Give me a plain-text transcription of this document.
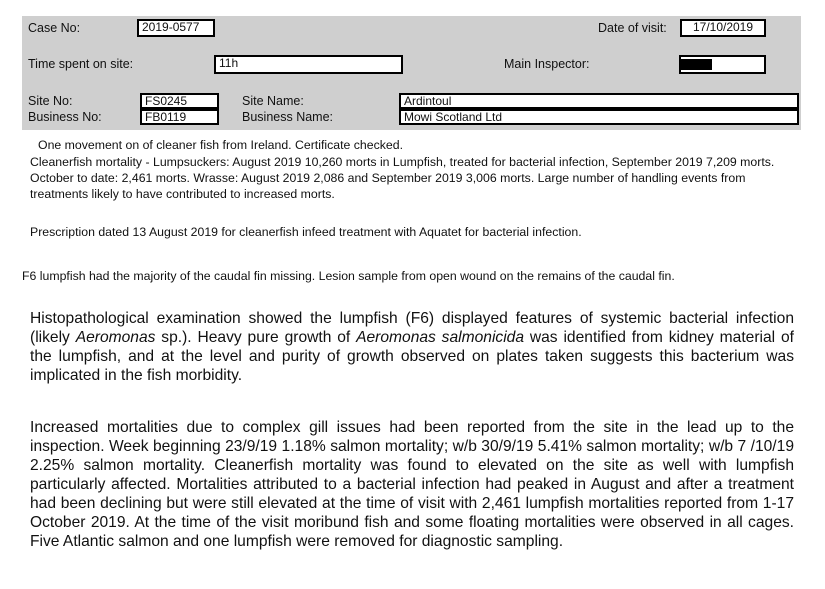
Case No:	2019-0577	Date of visit:	17/10/2019
Time spent on site:	11h	Main Inspector:
Site No:	FS0245
Business No:	FB0119
Site Name:	Ardintoul
Business Name:	Mowi Scotland Ltd
One movement on of cleaner fish from Ireland. Certificate checked.
Cleanerfish mortality - Lumpsuckers: August 2019 10,260 morts in Lumpfish, treated for bacterial infection, September 2019 7,209 morts. October to date: 2,461 morts. Wrasse: August 2019 2,086 and September 2019 3,006 morts. Large number of handling events from treatments likely to have contributed to increased morts.
Prescription dated 13 August 2019 for cleanerfish infeed treatment with Aquatet for bacterial infection.
F6 lumpfish had the majority of the caudal fin missing. Lesion sample from open wound on the remains of the caudal fin.
Histopathological examination showed the lumpfish (F6) displayed features of systemic bacterial infection (likely Aeromonas sp.). Heavy pure growth of Aeromonas salmonicida was identified from kidney material of the lumpfish, and at the level and purity of growth observed on plates taken suggests this bacterium was implicated in the fish morbidity.
Increased mortalities due to complex gill issues had been reported from the site in the lead up to the inspection. Week beginning 23/9/19 1.18% salmon mortality; w/b 30/9/19 5.41% salmon mortality; w/b 7 /10/19 2.25% salmon mortality. Cleanerfish mortality was found to elevated on the site as well with lumpfish particularly affected. Mortalities attributed to a bacterial infection had peaked in August and after a treatment had been declining but were still elevated at the time of visit with 2,461 lumpfish mortalities reported from 1-17 October 2019. At the time of the visit moribund fish and some floating mortalities were observed in all cages. Five Atlantic salmon and one lumpfish were removed for diagnostic sampling.
